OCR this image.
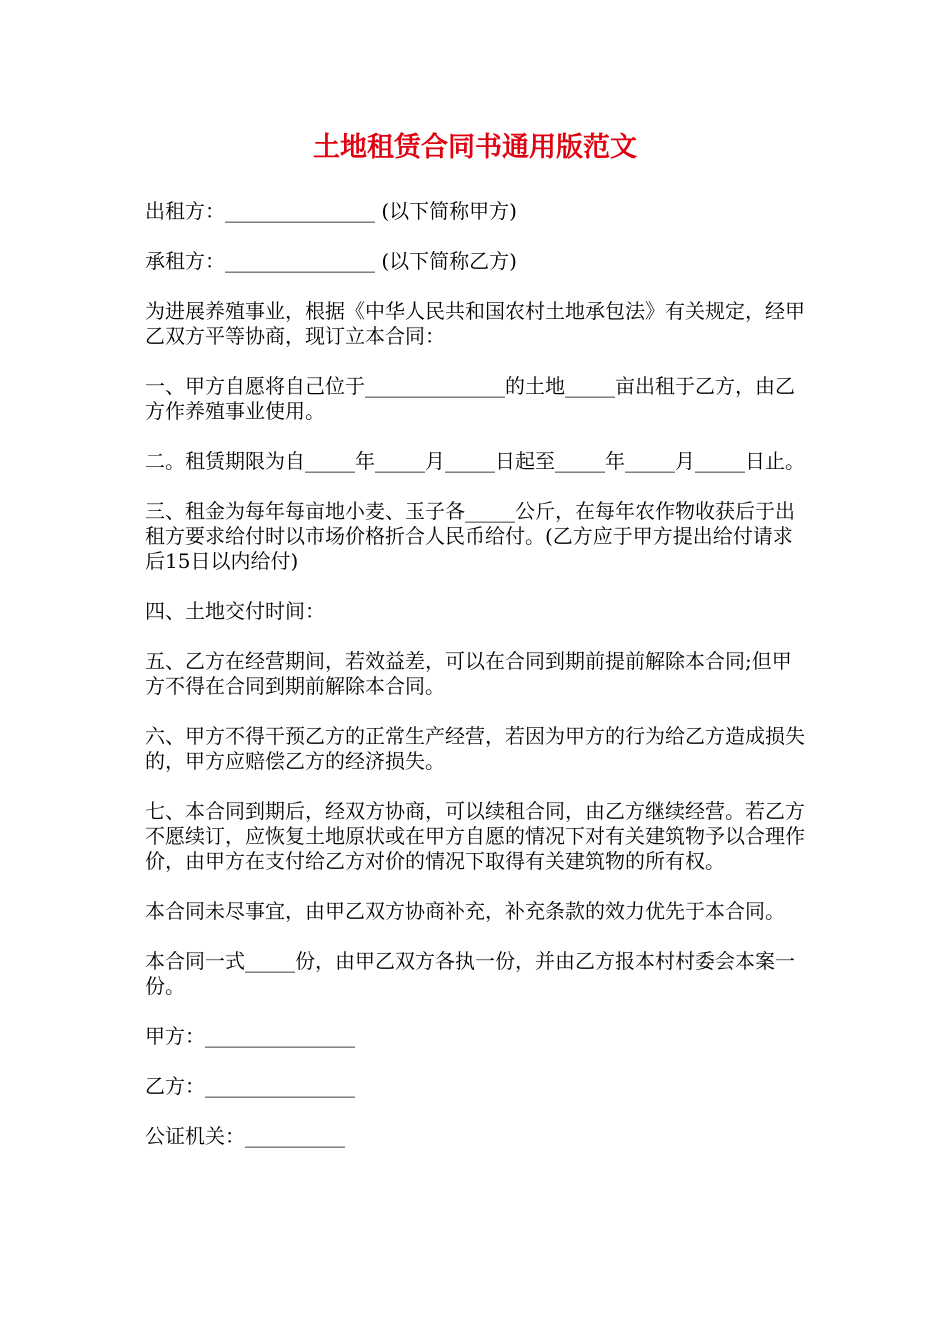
土地租赁合同书通用版范文

出租方：_______________ (以下简称甲方)

承租方：_______________ (以下简称乙方)

为进展养殖事业，根据《中华人民共和国农村土地承包法》有关规定，经甲乙双方平等协商，现订立本合同：

一、甲方自愿将自己位于______________的土地_____亩出租于乙方，由乙方作养殖事业使用。

二。租赁期限为自_____年_____月_____日起至_____年_____月_____日止。

三、租金为每年每亩地小麦、玉子各_____公斤，在每年农作物收获后于出租方要求给付时以市场价格折合人民币给付。(乙方应于甲方提出给付请求后15日以内给付)

四、土地交付时间：

五、乙方在经营期间，若效益差，可以在合同到期前提前解除本合同;但甲方不得在合同到期前解除本合同。

六、甲方不得干预乙方的正常生产经营，若因为甲方的行为给乙方造成损失的，甲方应赔偿乙方的经济损失。

七、本合同到期后，经双方协商，可以续租合同，由乙方继续经营。若乙方不愿续订，应恢复土地原状或在甲方自愿的情况下对有关建筑物予以合理作价，由甲方在支付给乙方对价的情况下取得有关建筑物的所有权。

本合同未尽事宜，由甲乙双方协商补充，补充条款的效力优先于本合同。

本合同一式_____份，由甲乙双方各执一份，并由乙方报本村村委会本案一份。

甲方：_______________

乙方：_______________

公证机关：__________
